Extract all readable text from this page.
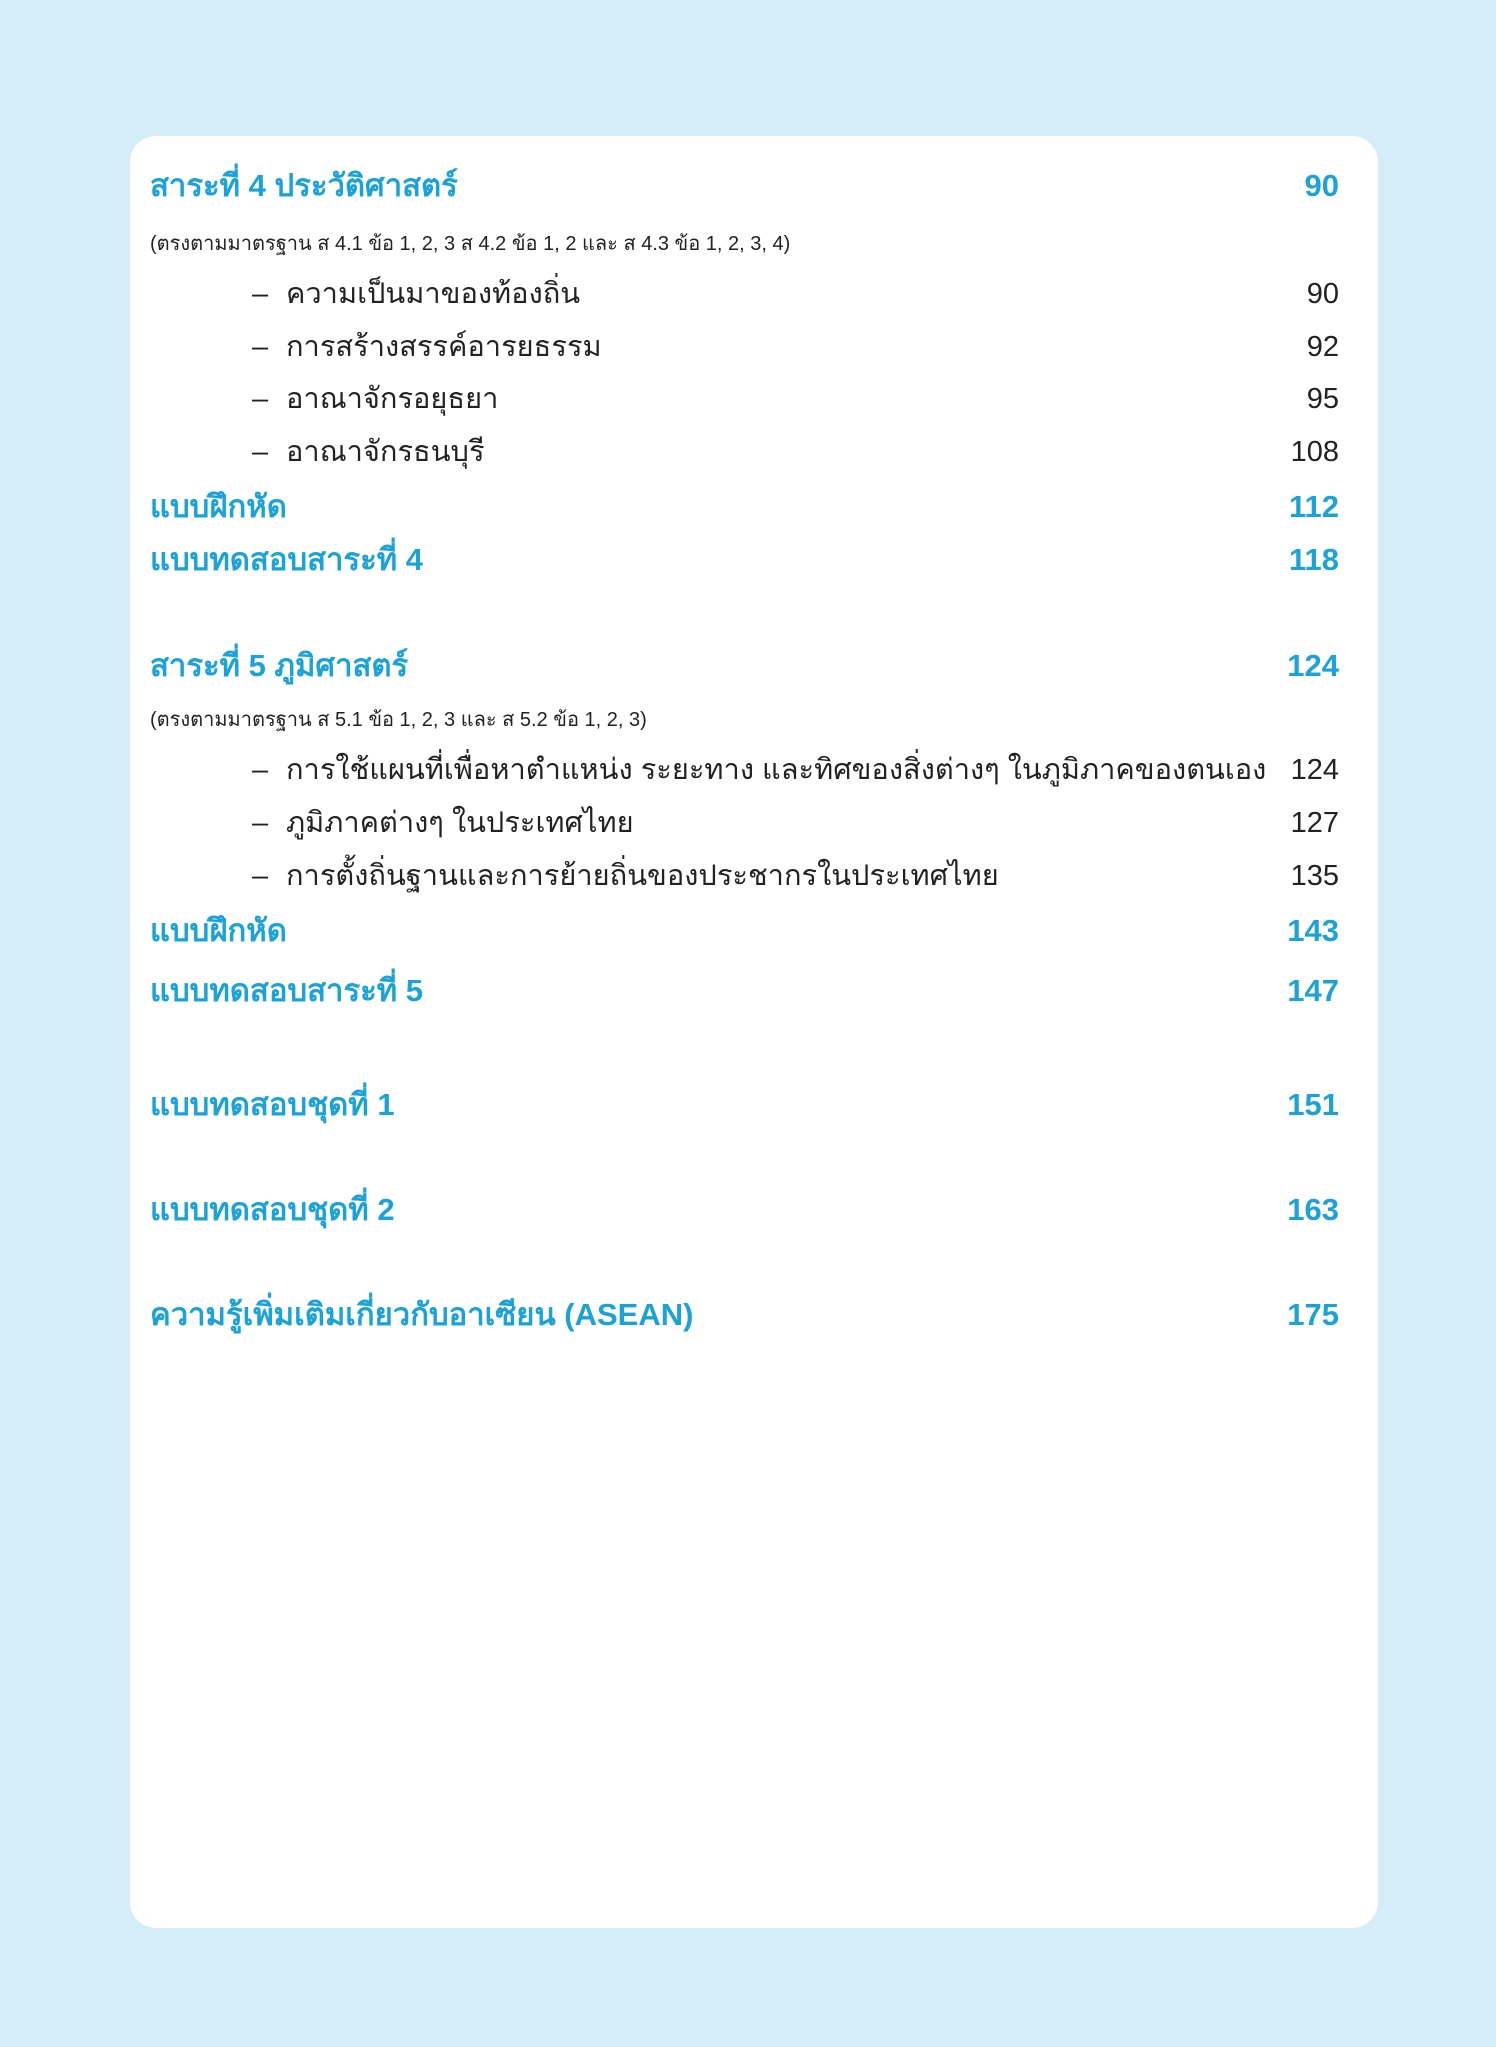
สาระที่ 4 ประวัติศาสตร์	90
(ตรงตามมาตรฐาน ส 4.1 ข้อ 1, 2, 3 ส 4.2 ข้อ 1, 2 และ ส 4.3 ข้อ 1, 2, 3, 4)
– ความเป็นมาของท้องถิ่น	90
– การสร้างสรรค์อารยธรรม	92
– อาณาจักรอยุธยา	95
– อาณาจักรธนบุรี	108
แบบฝึกหัด	112
แบบทดสอบสาระที่ 4	118
สาระที่ 5 ภูมิศาสตร์	124
(ตรงตามมาตรฐาน ส 5.1 ข้อ 1, 2, 3 และ ส 5.2 ข้อ 1, 2, 3)
– การใช้แผนที่เพื่อหาตำแหน่ง ระยะทาง และทิศของสิ่งต่างๆ ในภูมิภาคของตนเอง 124
– ภูมิภาคต่างๆ ในประเทศไทย	127
– การตั้งถิ่นฐานและการย้ายถิ่นของประชากรในประเทศไทย	135
แบบฝึกหัด	143
แบบทดสอบสาระที่ 5	147
แบบทดสอบชุดที่ 1	151
แบบทดสอบชุดที่ 2	163
ความรู้เพิ่มเติมเกี่ยวกับอาเซียน (ASEAN)	175
